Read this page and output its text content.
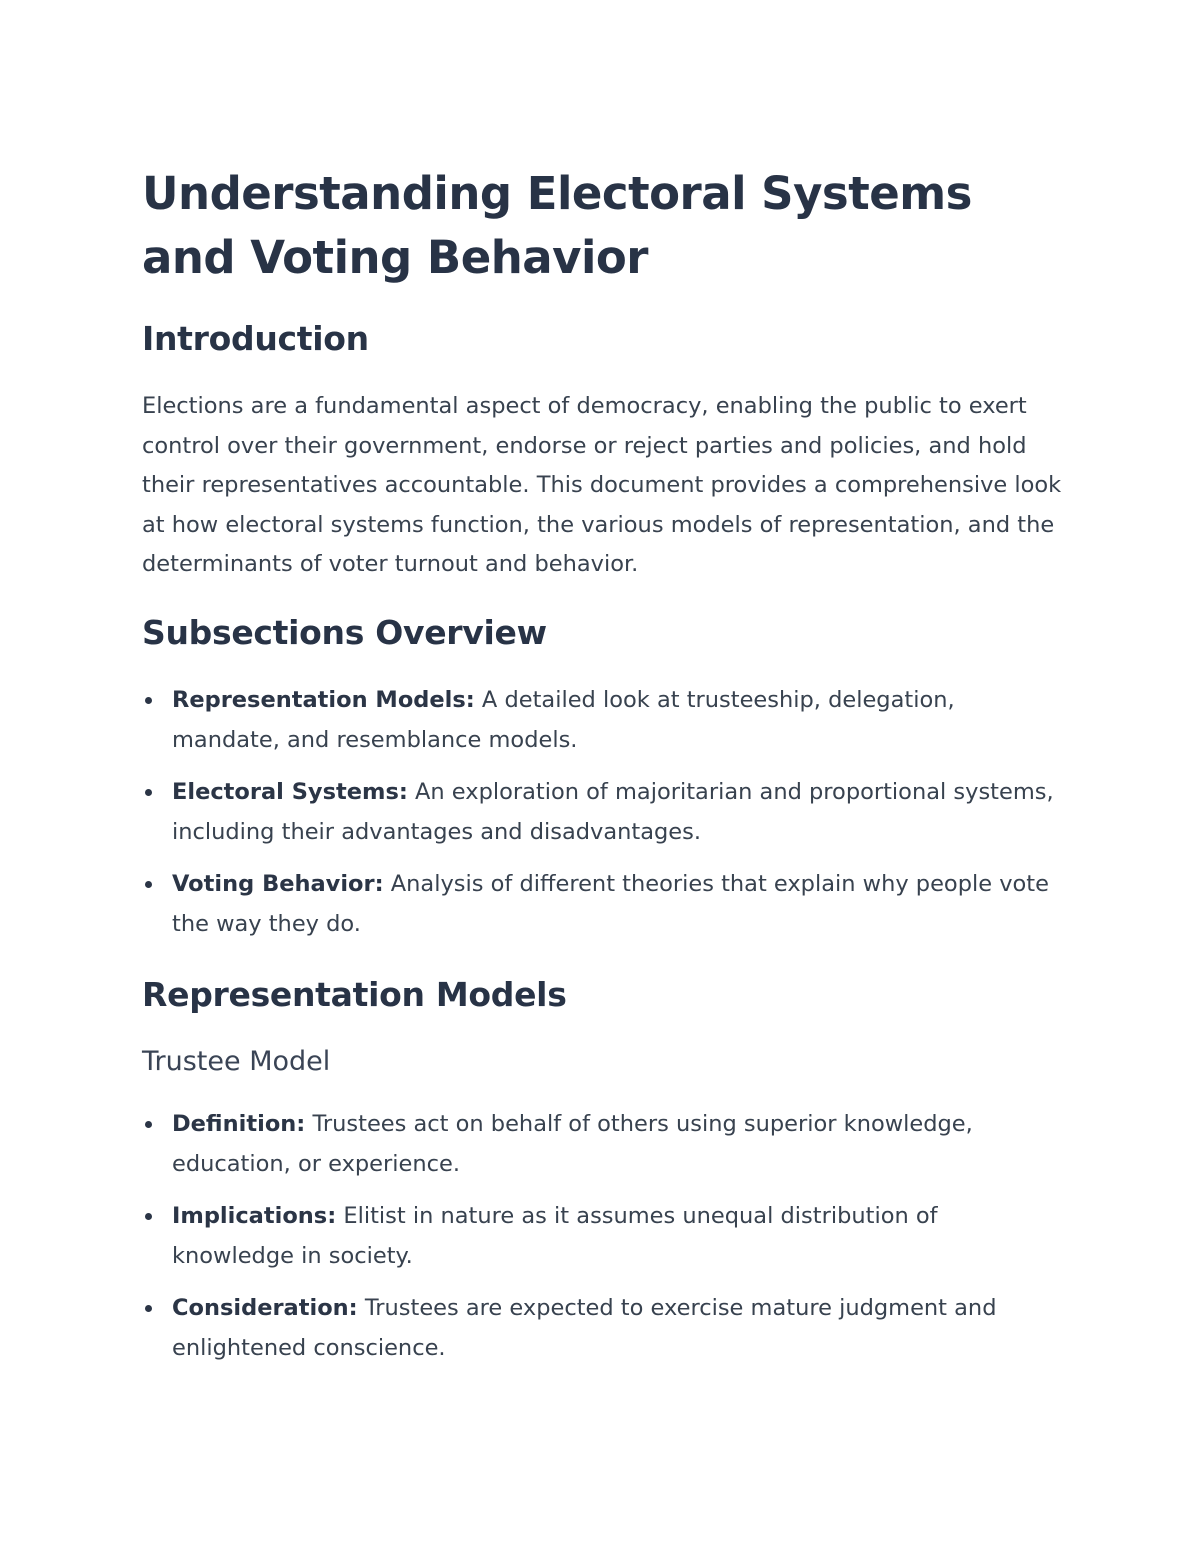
Understanding Electoral Systems and Voting Behavior
Introduction

Elections are a fundamental aspect of democracy, enabling the public to exert control over their government, endorse or reject parties and policies, and hold their representatives accountable. This document provides a comprehensive look at how electoral systems function, the various models of representation, and the determinants of voter turnout and behavior.

Subsections Overview
Representation Models: A detailed look at trusteeship, delegation, mandate, and resemblance models.
Electoral Systems: An exploration of majoritarian and proportional systems, including their advantages and disadvantages.
Voting Behavior: Analysis of different theories that explain why people vote the way they do.
Representation Models
Trustee Model
Definition: Trustees act on behalf of others using superior knowledge, education, or experience.
Implications: Elitist in nature as it assumes unequal distribution of knowledge in society.
Consideration: Trustees are expected to exercise mature judgment and enlightened conscience.
